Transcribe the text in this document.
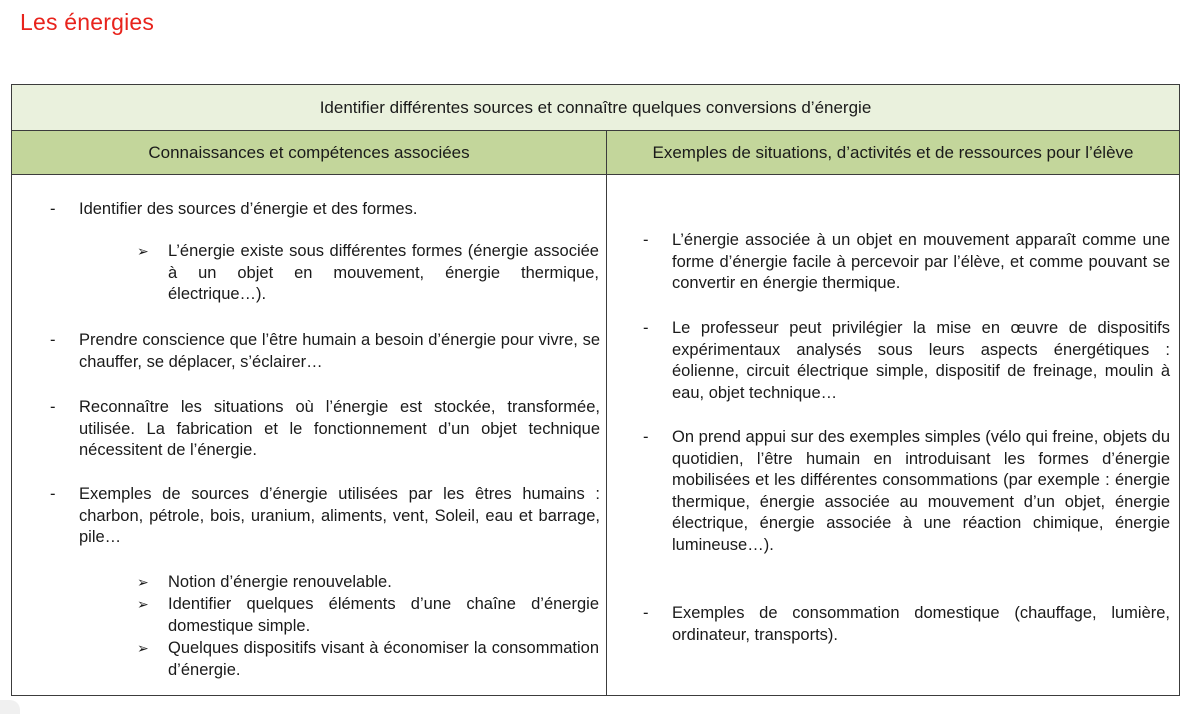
Les énergies
Identifier différentes sources et connaître quelques conversions d’énergie
Connaissances et compétences associées	Exemples de situations, d’activités et de ressources pour l’élève
- Identifier des sources d’énergie et des formes.
➢ L’énergie existe sous différentes formes (énergie associée à un objet en mouvement, énergie thermique, électrique…).
- Prendre conscience que l’être humain a besoin d’énergie pour vivre, se chauffer, se déplacer, s’éclairer…
- Reconnaître les situations où l’énergie est stockée, transformée, utilisée. La fabrication et le fonctionnement d’un objet technique nécessitent de l’énergie.
- Exemples de sources d’énergie utilisées par les êtres humains : charbon, pétrole, bois, uranium, aliments, vent, Soleil, eau et barrage, pile…
➢ Notion d’énergie renouvelable.
➢ Identifier quelques éléments d’une chaîne d’énergie domestique simple.
➢ Quelques dispositifs visant à économiser la consommation d’énergie.
- L’énergie associée à un objet en mouvement apparaît comme une forme d’énergie facile à percevoir par l’élève, et comme pouvant se convertir en énergie thermique.
- Le professeur peut privilégier la mise en œuvre de dispositifs expérimentaux analysés sous leurs aspects énergétiques : éolienne, circuit électrique simple, dispositif de freinage, moulin à eau, objet technique…
- On prend appui sur des exemples simples (vélo qui freine, objets du quotidien, l’être humain en introduisant les formes d’énergie mobilisées et les différentes consommations (par exemple : énergie thermique, énergie associée au mouvement d’un objet, énergie électrique, énergie associée à une réaction chimique, énergie lumineuse…).
- Exemples de consommation domestique (chauffage, lumière, ordinateur, transports).
